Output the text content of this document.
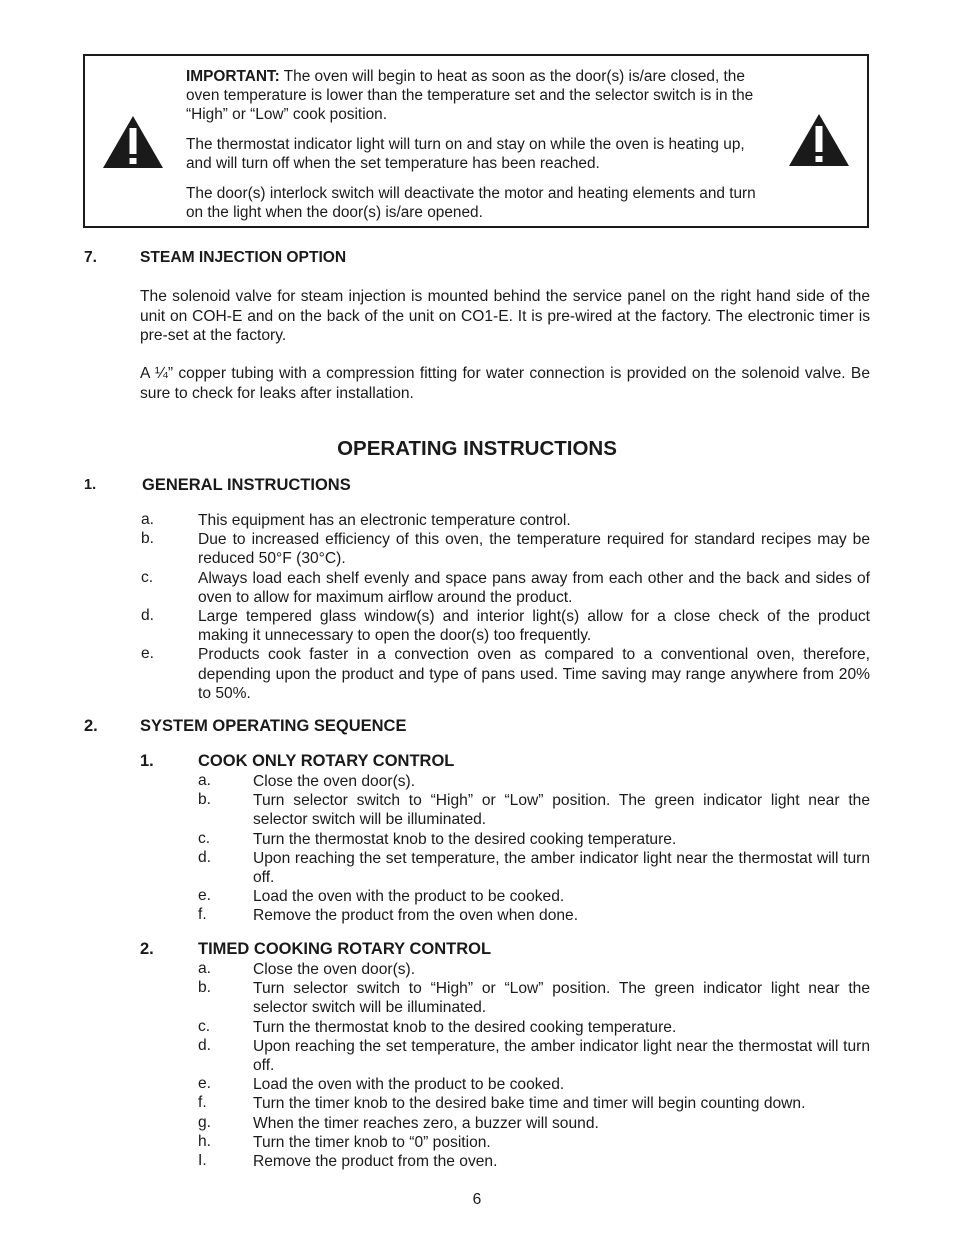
IMPORTANT: The oven will begin to heat as soon as the door(s) is/are closed, the oven temperature is lower than the temperature set and the selector switch is in the “High” or “Low” cook position.
The thermostat indicator light will turn on and stay on while the oven is heating up, and will turn off when the set temperature has been reached.
The door(s) interlock switch will deactivate the motor and heating elements and turn on the light when the door(s) is/are opened.
7.	STEAM INJECTION OPTION
The solenoid valve for steam injection is mounted behind the service panel on the right hand side of the unit on COH-E and on the back of the unit on CO1-E. It is pre-wired at the factory. The electronic timer is pre-set at the factory.
A ¼” copper tubing with a compression fitting for water connection is provided on the solenoid valve. Be sure to check for leaks after installation.
OPERATING INSTRUCTIONS
1.	GENERAL INSTRUCTIONS
a.	This equipment has an electronic temperature control.
b.	Due to increased efficiency of this oven, the temperature required for standard recipes may be reduced 50°F (30°C).
c.	Always load each shelf evenly and space pans away from each other and the back and sides of oven to allow for maximum airflow around the product.
d.	Large tempered glass window(s) and interior light(s) allow for a close check of the product making it unnecessary to open the door(s) too frequently.
e.	Products cook faster in a convection oven as compared to a conventional oven, therefore, depending upon the product and type of pans used. Time saving may range anywhere from 20% to 50%.
2.	SYSTEM OPERATING SEQUENCE
1.	COOK ONLY ROTARY CONTROL
a.	Close the oven door(s).
b.	Turn selector switch to “High” or “Low” position. The green indicator light near the selector switch will be illuminated.
c.	Turn the thermostat knob to the desired cooking temperature.
d.	Upon reaching the set temperature, the amber indicator light near the thermostat will turn off.
e.	Load the oven with the product to be cooked.
f.	Remove the product from the oven when done.
2.	TIMED COOKING ROTARY CONTROL
a.	Close the oven door(s).
b.	Turn selector switch to “High” or “Low” position. The green indicator light near the selector switch will be illuminated.
c.	Turn the thermostat knob to the desired cooking temperature.
d.	Upon reaching the set temperature, the amber indicator light near the thermostat will turn off.
e.	Load the oven with the product to be cooked.
f.	Turn the timer knob to the desired bake time and timer will begin counting down.
g.	When the timer reaches zero, a buzzer will sound.
h.	Turn the timer knob to “0” position.
I.	Remove the product from the oven.
6
